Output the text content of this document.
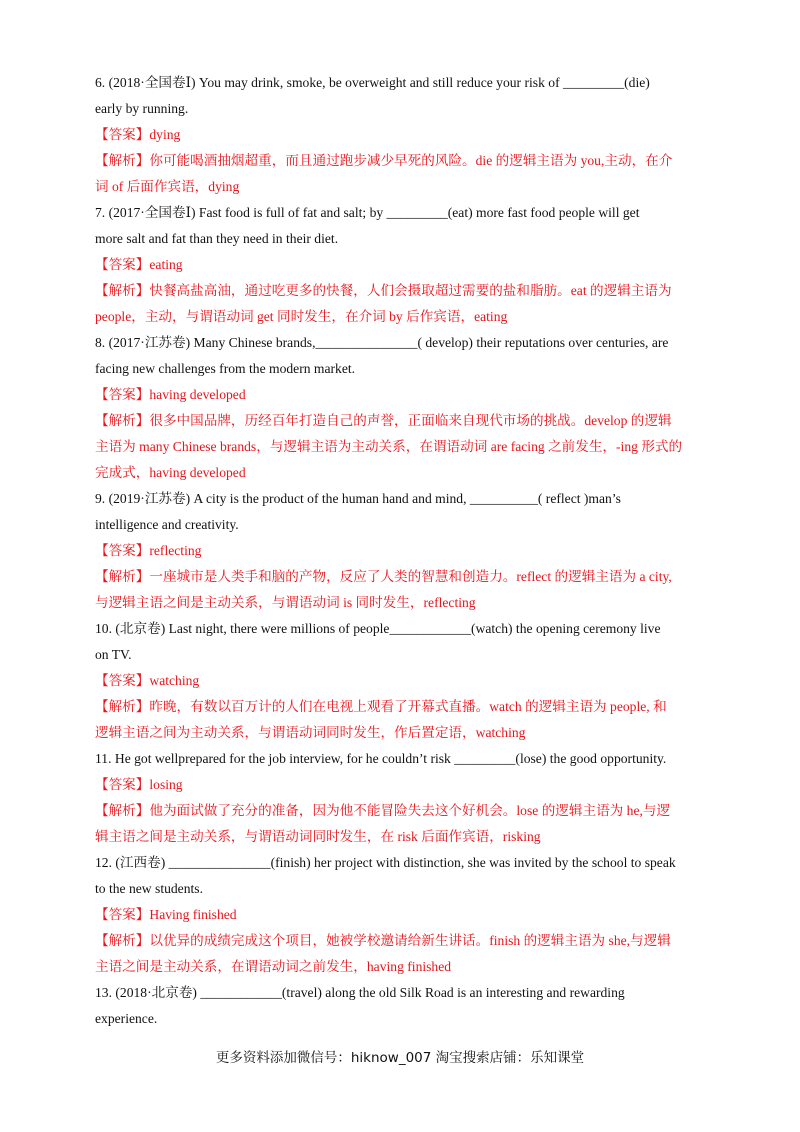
6. (2018·全国卷Ⅰ) You may drink, smoke, be overweight and still reduce your risk of _________(die)
early by running.
【答案】dying
【解析】你可能喝酒抽烟超重，而且通过跑步减少早死的风险。die 的逻辑主语为 you,主动，在介
词 of 后面作宾语，dying
7. (2017·全国卷Ⅰ) Fast food is full of fat and salt; by _________(eat) more fast food people will get
more salt and fat than they need in their diet.
【答案】eating
【解析】快餐高盐高油，通过吃更多的快餐，人们会摄取超过需要的盐和脂肪。eat 的逻辑主语为
people，主动，与谓语动词 get 同时发生，在介词 by 后作宾语，eating
8. (2017·江苏卷) Many Chinese brands,_______________( develop) their reputations over centuries, are
facing new challenges from the modern market.
【答案】having developed
【解析】很多中国品牌，历经百年打造自己的声誉，正面临来自现代市场的挑战。develop 的逻辑
主语为 many Chinese brands，与逻辑主语为主动关系，在谓语动词 are facing 之前发生，-ing 形式的
完成式，having developed
9. (2019·江苏卷) A city is the product of the human hand and mind, __________( reflect )man’s
intelligence and creativity.
【答案】reflecting
【解析】一座城市是人类手和脑的产物，反应了人类的智慧和创造力。reflect 的逻辑主语为 a city,
与逻辑主语之间是主动关系，与谓语动词 is 同时发生，reflecting
10. (北京卷) Last night, there were millions of people____________(watch) the opening ceremony live
on TV.
【答案】watching
【解析】昨晚，有数以百万计的人们在电视上观看了开幕式直播。watch 的逻辑主语为 people, 和
逻辑主语之间为主动关系，与谓语动词同时发生，作后置定语，watching
11. He got wellprepared for the job interview, for he couldn’t risk _________(lose) the good opportunity.
【答案】losing
【解析】他为面试做了充分的准备，因为他不能冒险失去这个好机会。lose 的逻辑主语为 he,与逻
辑主语之间是主动关系，与谓语动词同时发生，在 risk 后面作宾语，risking
12. (江西卷) _______________(finish) her project with distinction, she was invited by the school to speak
to the new students.
【答案】Having finished
【解析】以优异的成绩完成这个项目，她被学校邀请给新生讲话。finish 的逻辑主语为 she,与逻辑
主语之间是主动关系，在谓语动词之前发生，having finished
13. (2018·北京卷) ____________(travel) along the old Silk Road is an interesting and rewarding
experience.
更多资料添加微信号：hiknow_007 淘宝搜索店铺：乐知课堂
